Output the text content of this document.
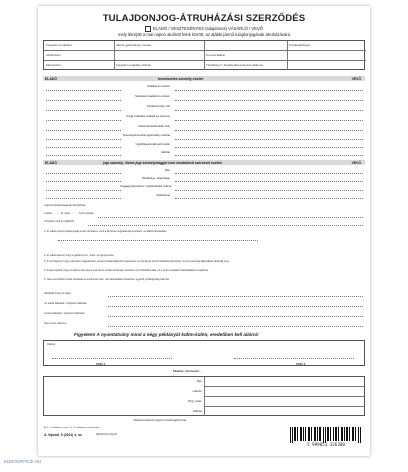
TULAJDONJOG-ÁTRUHÁZÁSI SZERZŐDÉS
ELADÓ / VESZTESÉNYES (tulajdonos) VÁSÁRLÓ / VEVŐ
mely létrejött a mai napon alulírott felek között, az alábbi jármű tulajdonjogának átruházására
Forgalmi rendszám:	Jármű gyártmánya, típusa:	Fő lökettérfogat:
Alvázszám:	Km-óra állása:
Motorszám:	Forgalmi engedély száma:	Törzskönyv / forgalomba helyezés dátuma:
ELADÓ	természetes személy esetén	VEVŐ
Családi és utónév
Születési családi és utónév
Születési hely, idő
Anyja születési családi és utóneve
Lakcím/tartózkodási hely
Személyazonosító igazolvány száma
Ügyfélkapcsolati azonosító
Aláírás
ELADÓ	jogi személy, illetve jogi személyiséggel nem rendelkező szervezet esetén	VEVŐ
Név
Székhelye, telephelye
Cégjegyzékszáma, nyilvántartási száma
Adószáma
A jármű tulajdonjogának átruházása:
a felek ……… Ft, azaz ……… forint vételár
A fizetési mód és határidő:
1. Az eladó a jármű tulajdonjogát vevőre átruházza, vevő a járművet megvásárolja és átveszi, az alábbi feltételekkel.
2. Az eladó kijelenti, hogy a gépjármű per-, teher- és igénymentes.
3. A vevő kijelenti, hogy a járművet megtekintette, annak műszaki állapotát megismerte, az okmányok szerinti adatokat ellenőrizte, és azt a jelenlegi állapotában vásárolja meg.
4. A felek rögzítik, hogy az eladó a mai napon a járművet, annak okmányait, kulcsait a vevő birtokába adta, és a vevő a vételárat maradéktalanul megfizette.
5. Jelen szerződést a felek elolvasás és értelmezés után, mint akaratukkal mindenben egyezőt, jóváhagyólag írták alá.
Vásárlás helye és ideje
Az eladó aláírása / cégszerű aláírása
A vevő aláírása / cégszerű aláírása
Tanú neve, lakcíme
Figyelem! A nyomtatvány mind a négy példányát külön-külön, eredetiben kell aláírni!
Aláírás
TANÚ 1.	TANÚ 2.
Elküldve, mint kezdő: …
Név
Lakcím
Szig. szám
Aláírás
Vásárlókra kötelező gépjármű-felelősségbiztosítás
Az 1.–4. példányt a vevő, a 5.–8. példányt az eladó kapja.
A. Nyomt. 5 (2021) s. sz.	Pátria Nyomda Zrt.
5 999051 326380
EUROOFFICE.HU
